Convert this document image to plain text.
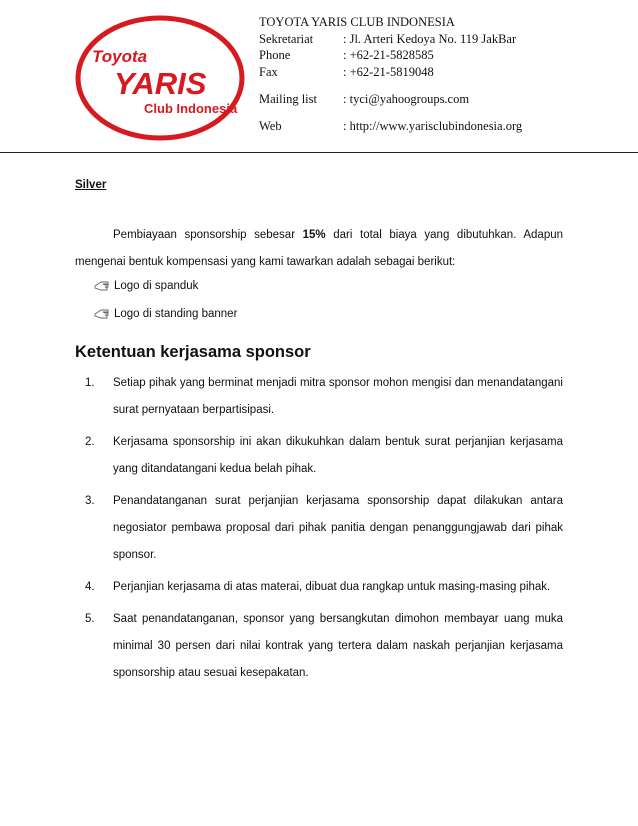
Toyota
YARIS
Club Indonesia
TOYOTA YARIS CLUB INDONESIA
Sekretariat	: Jl. Arteri Kedoya No. 119 JakBar
Phone	: +62-21-5828585
Fax	: +62-21-5819048
Mailing list	: tyci@yahoogroups.com
Web	: http://www.yarisclubindonesia.org
Silver
Pembiayaan sponsorship sebesar 15% dari total biaya yang dibutuhkan. Adapun mengenai bentuk kompensasi yang kami tawarkan adalah sebagai berikut:
Logo di spanduk
Logo di standing banner
Ketentuan kerjasama sponsor
1.	Setiap pihak yang berminat menjadi mitra sponsor mohon mengisi dan menandatangani surat pernyataan berpartisipasi.
2.	Kerjasama sponsorship ini akan dikukuhkan dalam bentuk surat perjanjian kerjasama yang ditandatangani kedua belah pihak.
3.	Penandatanganan surat perjanjian kerjasama sponsorship dapat dilakukan antara negosiator pembawa proposal dari pihak panitia dengan penanggungjawab dari pihak sponsor.
4.	Perjanjian kerjasama di atas materai, dibuat dua rangkap untuk masing-masing pihak.
5.	Saat penandatanganan, sponsor yang bersangkutan dimohon membayar uang muka minimal 30 persen dari nilai kontrak yang tertera dalam naskah perjanjian kerjasama sponsorship atau sesuai kesepakatan.
